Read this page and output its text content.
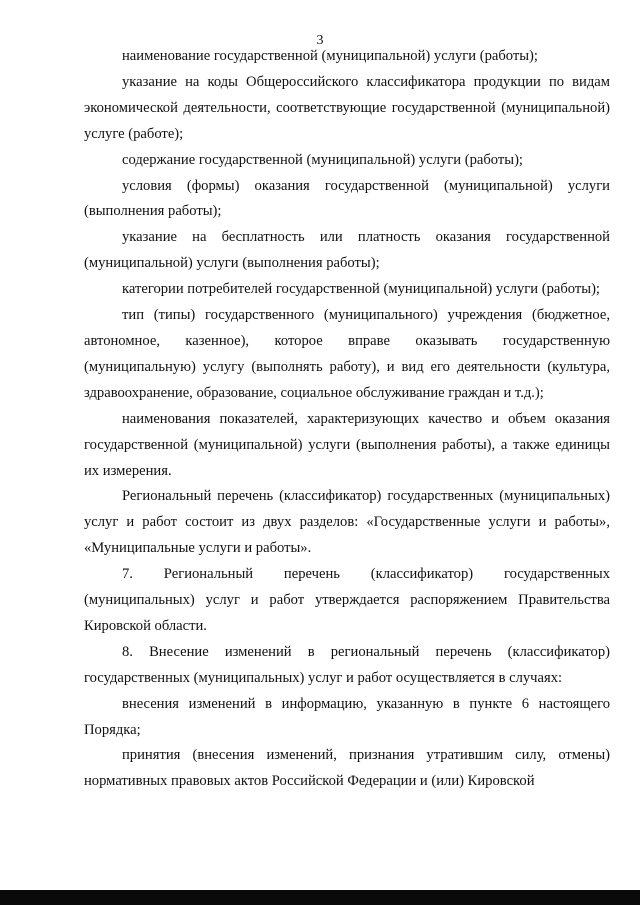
3

наименование государственной (муниципальной) услуги (работы);

указание на коды Общероссийского классификатора продукции по видам экономической деятельности, соответствующие государственной (муниципальной) услуге (работе);

содержание государственной (муниципальной) услуги (работы);

условия (формы) оказания государственной (муниципальной) услуги (выполнения работы);

указание на бесплатность или платность оказания государственной (муниципальной) услуги (выполнения работы);

категории потребителей государственной (муниципальной) услуги (работы);

тип (типы) государственного (муниципального) учреждения (бюджетное, автономное, казенное), которое вправе оказывать государственную (муниципальную) услугу (выполнять работу), и вид его деятельности (культура, здравоохранение, образование, социальное обслуживание граждан и т.д.);

наименования показателей, характеризующих качество и объем оказания государственной (муниципальной) услуги (выполнения работы), а также единицы их измерения.

Региональный перечень (классификатор) государственных (муниципальных) услуг и работ состоит из двух разделов: «Государственные услуги и работы», «Муниципальные услуги и работы».

7. Региональный перечень (классификатор) государственных (муниципальных) услуг и работ утверждается распоряжением Правительства Кировской области.

8. Внесение изменений в региональный перечень (классификатор) государственных (муниципальных) услуг и работ осуществляется в случаях:

внесения изменений в информацию, указанную в пункте 6 настоящего Порядка;

принятия (внесения изменений, признания утратившим силу, отмены) нормативных правовых актов Российской Федерации и (или) Кировской
